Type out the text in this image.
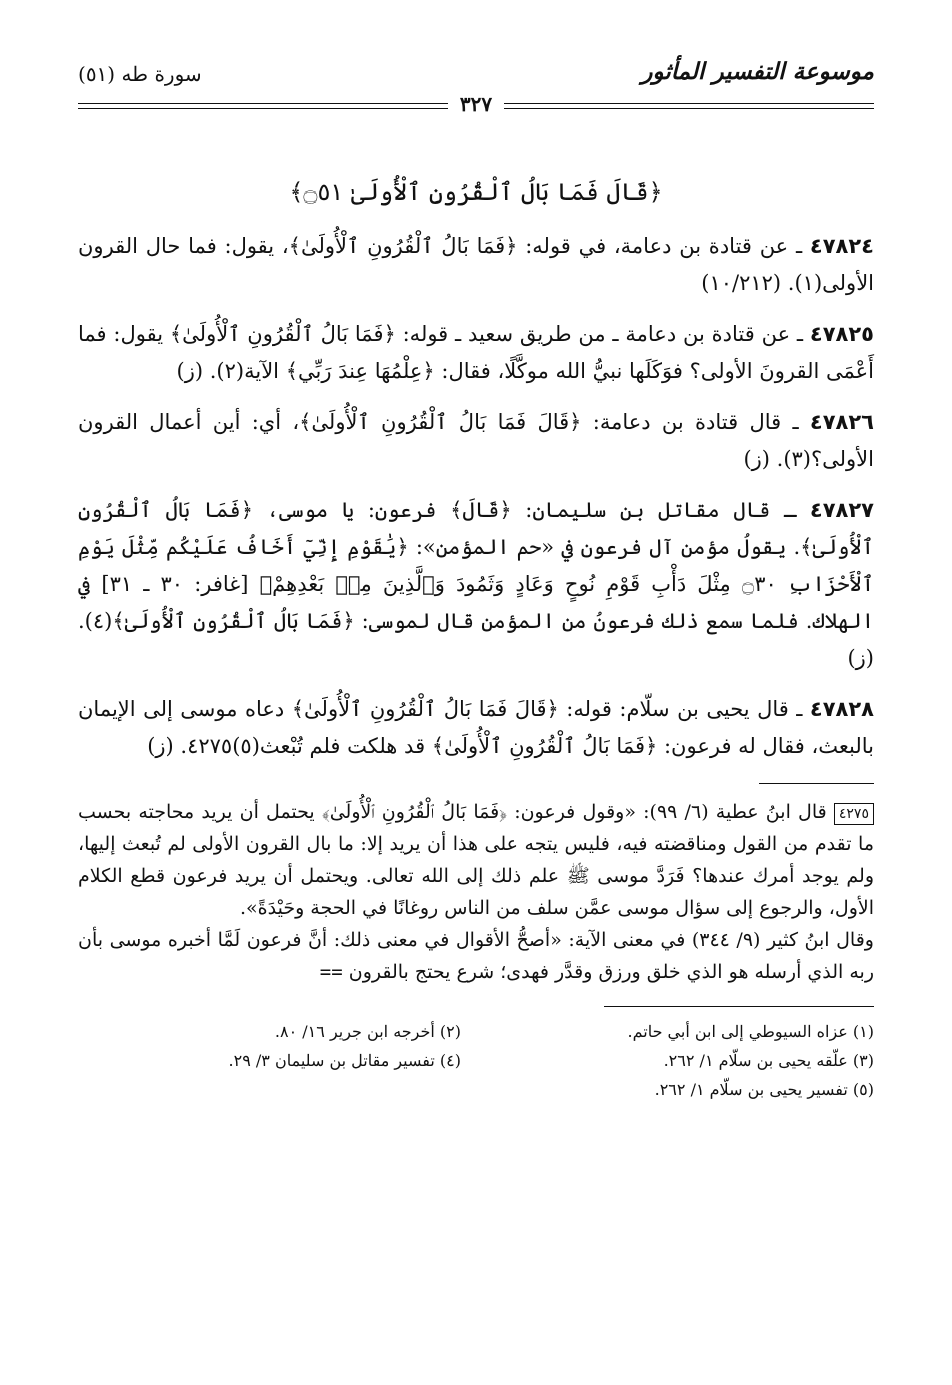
موسوعة التفسير المأثور
سورة طه (٥١)
٣٢٧
﴿قَالَ فَمَا بَالُ ٱلْقُرُونِ ٱلْأُولَىٰ ۝٥١﴾
٤٧٨٢٤ ـ عن قتادة بن دعامة، في قوله: ﴿فَمَا بَالُ ٱلْقُرُونِ ٱلْأُولَىٰ﴾، يقول: فما حال القرون الأولى(١). (١٠/٢١٢)
٤٧٨٢٥ ـ عن قتادة بن دعامة ـ من طريق سعيد ـ قوله: ﴿فَمَا بَالُ ٱلْقُرُونِ ٱلْأُولَىٰ﴾ يقول: فما أَعْمَى القرونَ الأولى؟ فوَكَلَها نبيُّ الله موكَّلًا، فقال: ﴿عِلْمُهَا عِندَ رَبِّي﴾ الآية(٢). (ز)
٤٧٨٢٦ ـ قال قتادة بن دعامة: ﴿قَالَ فَمَا بَالُ ٱلْقُرُونِ ٱلْأُولَىٰ﴾، أي: أين أعمال القرون الأولى؟(٣). (ز)
٤٧٨٢٧ ـ قال مقاتل بن سليمان: ﴿قَالَ﴾ فرعون: يا موسى، ﴿فَمَا بَالُ ٱلْقُرُونِ ٱلْأُولَىٰ﴾. يقولُ مؤمن آل فرعون في «حم المؤمن»: ﴿يَٰقَوْمِ إِنِّيٓ أَخَافُ عَلَيْكُم مِّثْلَ يَوْمِ ٱلْأَحْزَابِ ۝٣٠ مِثْلَ دَأْبِ قَوْمِ نُوحٍ وَعَادٍ وَثَمُودَ وَٱلَّذِينَ مِنۢ بَعْدِهِمْ﴾ [غافر: ٣٠ ـ ٣١] في الهلاك. فلما سمع ذلك فرعونُ من المؤمن قال لموسى: ﴿فَمَا بَالُ ٱلْقُرُونِ ٱلْأُولَىٰ﴾(٤). (ز)
٤٧٨٢٨ ـ قال يحيى بن سلّام: قوله: ﴿قَالَ فَمَا بَالُ ٱلْقُرُونِ ٱلْأُولَىٰ﴾ دعاه موسى إلى الإيمان بالبعث، فقال له فرعون: ﴿فَمَا بَالُ ٱلْقُرُونِ ٱلْأُولَىٰ﴾ قد هلكت فلم تُبْعث(٥)٤٢٧٥. (ز)

٤٢٧٥ قال ابنُ عطية (٦/ ٩٩): «وقول فرعون: ﴿فَمَا بَالُ ٱلْقُرُونِ ٱلْأُولَىٰ﴾ يحتمل أن يريد محاجته بحسب ما تقدم من القول ومناقضته فيه، فليس يتجه على هذا أن يريد إلا: ما بال القرون الأولى لم تُبعث إليها، ولم يوجد أمرك عندها؟ فَرَدَّ موسى ﷺ علم ذلك إلى الله تعالى. ويحتمل أن يريد فرعون قطع الكلام الأول، والرجوع إلى سؤال موسى عمَّن سلف من الناس روغانًا في الحجة وحَيْدَةً».

وقال ابنُ كثير (٩/ ٣٤٤) في معنى الآية: «أصحُّ الأقوال في معنى ذلك: أنَّ فرعون لَمَّا أخبره موسى بأن ربه الذي أرسله هو الذي خلق ورزق وقدَّر فهدى؛ شرع يحتج بالقرون ==

(١) عزاه السيوطي إلى ابن أبي حاتم.
(٢) أخرجه ابن جرير ١٦/ ٨٠.
(٣) علّقه يحيى بن سلّام ١/ ٢٦٢.
(٤) تفسير مقاتل بن سليمان ٣/ ٢٩.
(٥) تفسير يحيى بن سلّام ١/ ٢٦٢.
